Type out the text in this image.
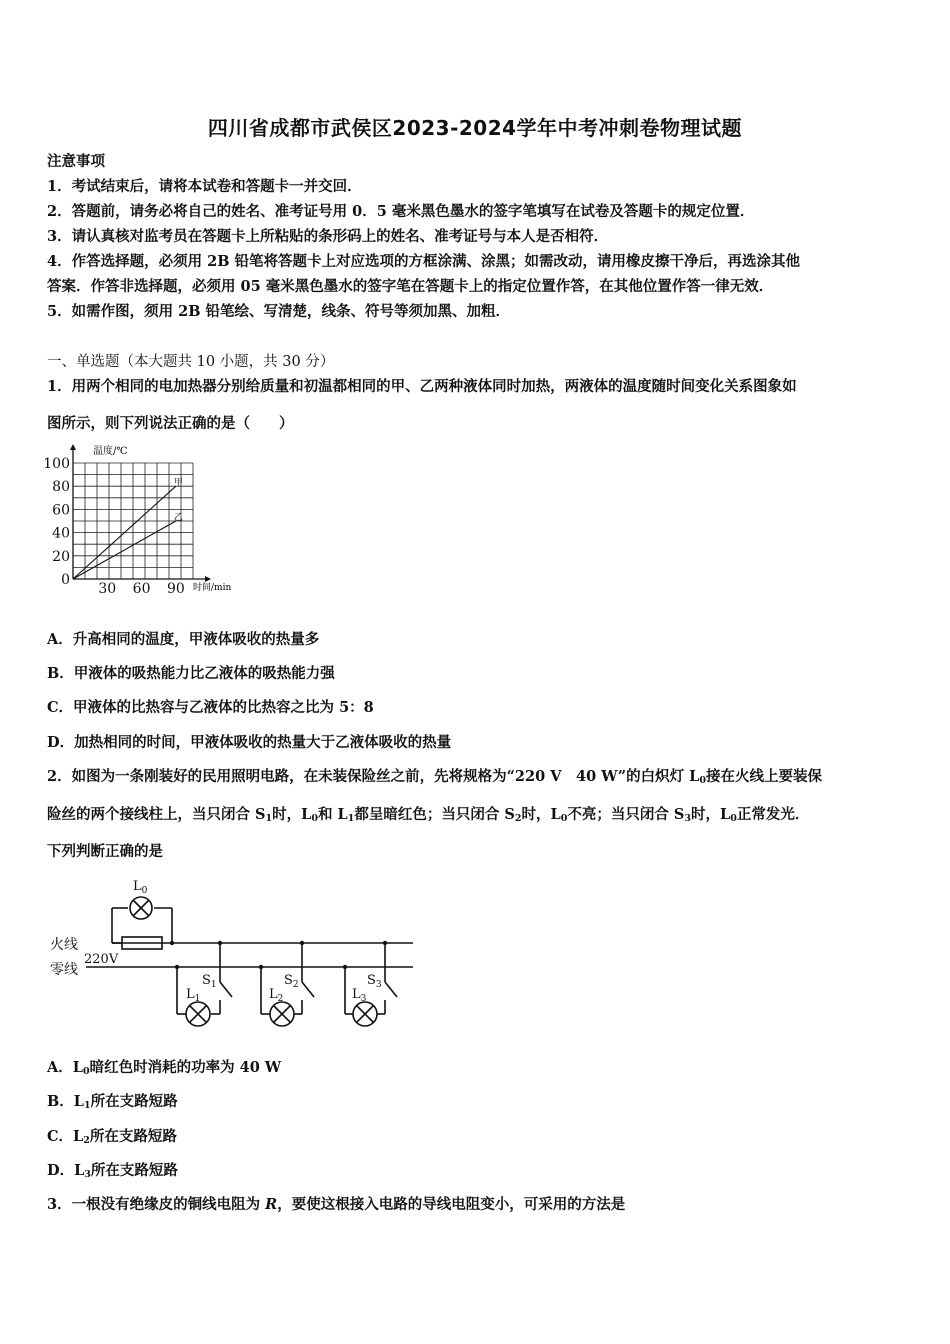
四川省成都市武侯区2023-2024学年中考冲刺卷物理试题
注意事项
1．考试结束后，请将本试卷和答题卡一并交回．
2．答题前，请务必将自己的姓名、准考证号用 0．5 毫米黑色墨水的签字笔填写在试卷及答题卡的规定位置．
3．请认真核对监考员在答题卡上所粘贴的条形码上的姓名、准考证号与本人是否相符．
4．作答选择题，必须用 2B 铅笔将答题卡上对应选项的方框涂满、涂黑；如需改动，请用橡皮擦干净后，再选涂其他
答案．作答非选择题，必须用 05 毫米黑色墨水的签字笔在答题卡上的指定位置作答，在其他位置作答一律无效．
5．如需作图，须用 2B 铅笔绘、写清楚，线条、符号等须加黑、加粗．
一、单选题（本大题共 10 小题，共 30 分）
1．用两个相同的电加热器分别给质量和初温都相同的甲、乙两种液体同时加热，两液体的温度随时间变化关系图象如
图所示，则下列说法正确的是（　　）
0
20
40
60
80
100
30 60 90
甲
乙
温度/℃
时间/min
A．升高相同的温度，甲液体吸收的热量多
B．甲液体的吸热能力比乙液体的吸热能力强
C．甲液体的比热容与乙液体的比热容之比为 5：8
D．加热相同的时间，甲液体吸收的热量大于乙液体吸收的热量
2．如图为一条刚装好的民用照明电路，在未装保险丝之前，先将规格为“220 V　40 W”的白炽灯 $L_0$接在火线上要装保
险丝的两个接线柱上，当只闭合 $S_1$时，$L_0$和 $L_1$都呈暗红色；当只闭合 $S_2$时，$L_0$不亮；当只闭合 $S_3$时，$L_0$正常发光．
下列判断正确的是
火线
零线
220V
$L_0$
$S_1$
$L_1$
$S_2$
$L_2$
$S_3$
$L_3$
A．$L_0$暗红色时消耗的功率为 40 W
B．$L_1$所在支路短路
C．$L_2$所在支路短路
D．$L_3$所在支路短路
3．一根没有绝缘皮的铜线电阻为 R，要使这根接入电路的导线电阻变小，可采用的方法是
